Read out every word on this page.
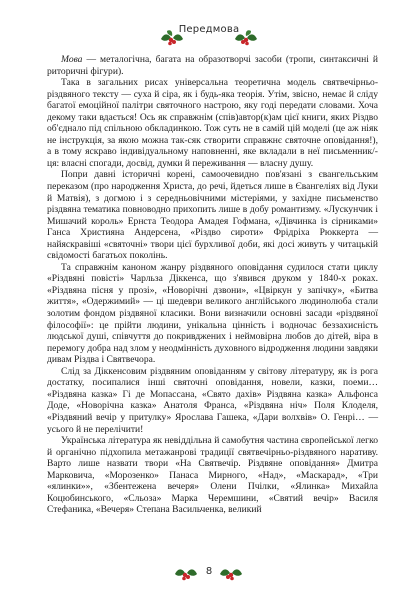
Передмова

Мова — металогічна, багата на образотворчі засоби (тропи, синтаксичні й риторичні фігури).

Така в загальних рисах універсальна теоретична модель святвечірньо-різдвяного тексту — суха й сіра, як і будь-яка теорія. Утім, звісно, немає й сліду багатої емоційної палітри святочного настрою, яку годі передати словами. Хоча декому таки вдається! Ось як справжнім (спів)автор(к)ам цієї книги, яких Різдво об'єднало під спільною обкладинкою. Тож суть не в самій цій моделі (це аж ніяк не інструкція, за якою можна так-сяк створити справжнє святочне оповідання!), а в тому яскраво індивідуальному наповненні, яке вкладали в неї письменник/-ця: власні спогади, досвід, думки й переживання — власну душу.

Попри давні історичні корені, самоочевидно пов'язані з євангельським переказом (про народження Христа, до речі, йдеться лише в Євангеліях від Луки й Матвія), з догмою і з середньовічними містеріями, у західне письменство різдвяна тематика повноводно прихопить лише в добу романтизму. «Лускунчик і Мишачий король» Ернста Теодора Амадея Гофмана, «Дівчинка із сірниками» Ганса Християна Андерсена, «Різдво сироти» Фрідріха Рюккерта — найяскравіші «святочні» твори цієї бурхливої доби, які досі живуть у читацькій свідомості багатьох поколінь.

Та справжнім каноном жанру різдвяного оповідання судилося стати циклу «Різдвяні повісті» Чарльза Діккенса, що з'явився друком у 1840-х роках. «Різдвяна пісня у прозі», «Новорічні дзвони», «Цвіркун у запічку», «Битва життя», «Одержимий» — ці шедеври великого англійського людинолюба стали золотим фондом різдвяної класики. Вони визначили основні засади «різдвяної філософії»: це прійти людини, унікальна цінність і водночас беззахисність людської душі, співчуття до покривджених і неймовірна любов до дітей, віра в перемогу добра над злом у неодмінність духовного відродження людини завдяки дивам Різдва і Святвечора.

Слід за Діккенсовим різдвяним оповіданням у світову літературу, як із рога достатку, посипалися інші святочні оповідання, новели, казки, поеми… «Різдвяна казка» Гі де Мопассана, «Свято дахів» Різдвяна казка» Альфонса Доде, «Новорічна казка» Анатоля Франса, «Різдвяна ніч» Поля Клоделя, «Різдвяний вечір у притулку» Ярослава Гашека, «Дари волхвів» О. Генрі… — усього й не перелічити!

Українська література як невіддільна й самобутня частина європейської легко й органічно підхопила метажанрові традиції святвечірньо-різдвяного наративу. Варто лише назвати твори «На Святвечір. Різдвяне оповідання» Дмитра Марковича, «Морозенко» Панаса Мирного, «Над», «Маскарад», «Три «ялинки»», «Збентежена вечеря» Олени Пчілки, «Ялинка» Михайла Коцюбинського, «Сльоза» Марка Черемшини, «Святий вечір» Василя Стефаника, «Вечеря» Степана Васильченка, великий

8
